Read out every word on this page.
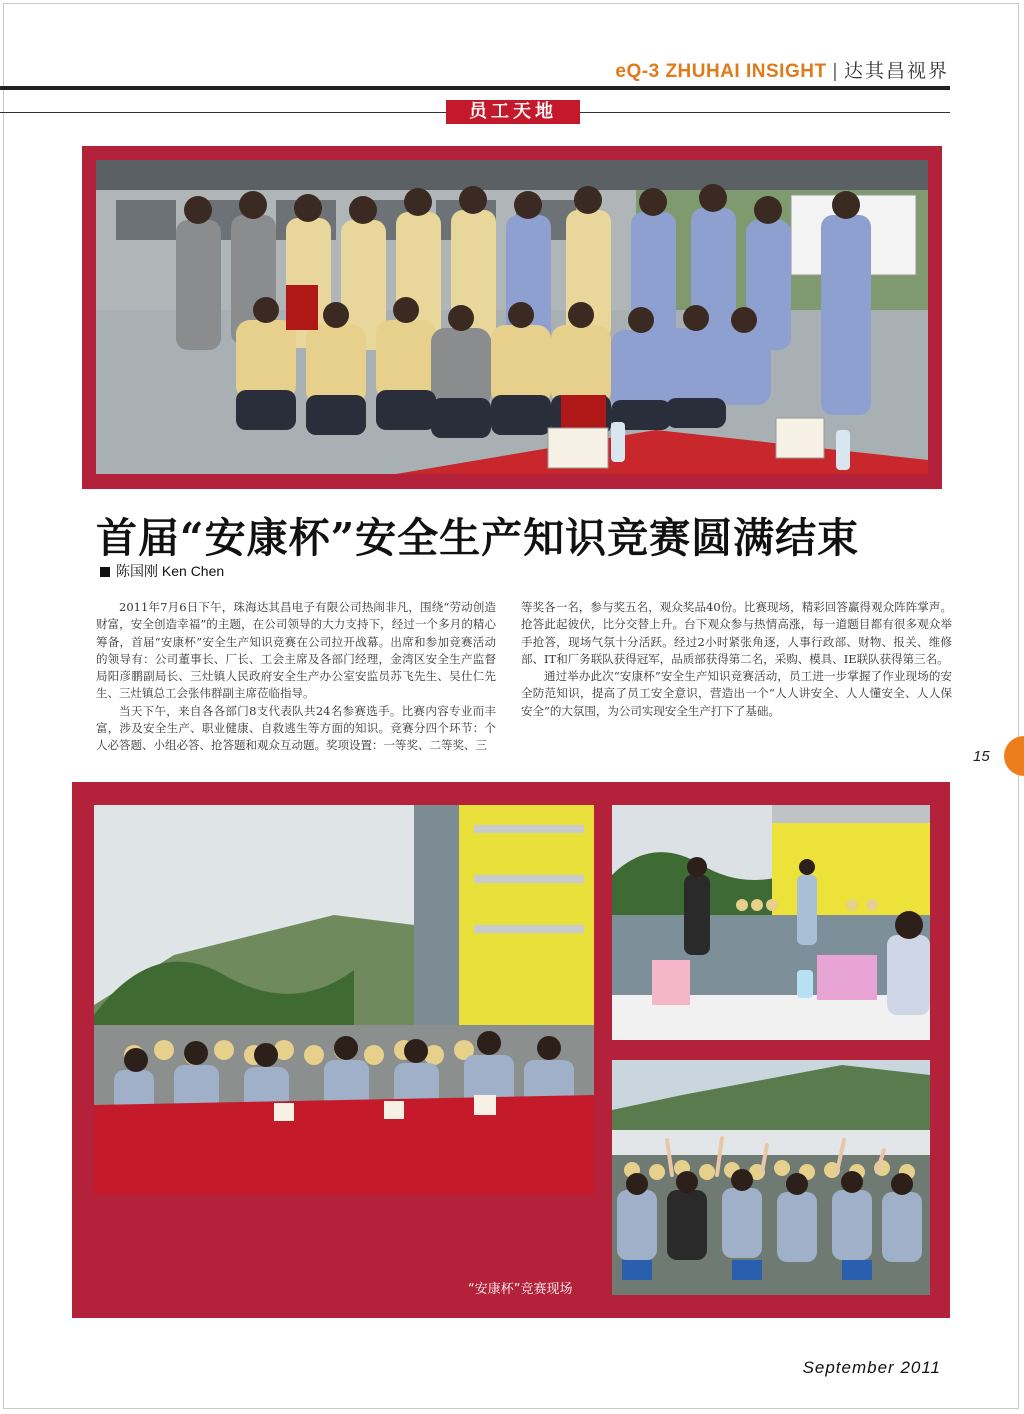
eQ-3 ZHUHAI INSIGHT | 达其昌视界
员工天地
首届“安康杯”安全生产知识竞赛圆满结束
陈国刚 Ken Chen

2011年7月6日下午，珠海达其昌电子有限公司热闹非凡，围绕“劳动创造财富，安全创造幸福”的主题，在公司领导的大力支持下，经过一个多月的精心筹备，首届“安康杯”安全生产知识竞赛在公司拉开战幕。出席和参加竞赛活动的领导有：公司董事长、厂长、工会主席及各部门经理，金湾区安全生产监督局阳彦鹏副局长、三灶镇人民政府安全生产办公室安监员苏飞先生、吴仕仁先生、三灶镇总工会张伟群副主席莅临指导。

当天下午，来自各各部门8支代表队共24名参赛选手。比赛内容专业而丰富，涉及安全生产、职业健康、自救逃生等方面的知识。竞赛分四个环节：个人必答题、小组必答、抢答题和观众互动题。奖项设置：一等奖、二等奖、三

等奖各一名，参与奖五名，观众奖品40份。比赛现场，精彩回答赢得观众阵阵掌声。抢答此起彼伏，比分交替上升。台下观众参与热情高涨，每一道题目都有很多观众举手抢答，现场气氛十分活跃。经过2小时紧张角逐，人事行政部、财物、报关、维修部、IT和厂务联队获得冠军，品质部获得第二名，采购、模具、IE联队获得第三名。

通过举办此次“安康杯”安全生产知识竞赛活动，员工进一步掌握了作业现场的安全防范知识，提高了员工安全意识，营造出一个“人人讲安全、人人懂安全、人人保安全”的大氛围，为公司实现安全生产打下了基础。

15
“安康杯”竞赛现场
September 2011
